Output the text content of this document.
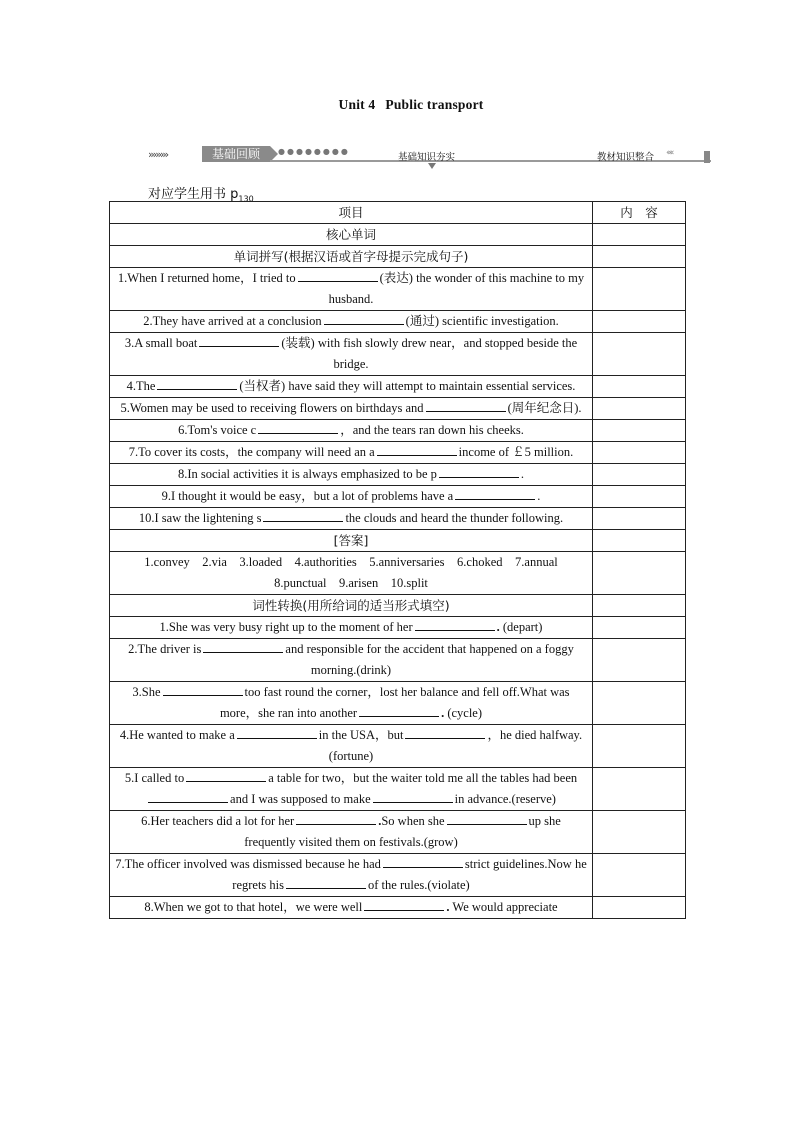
Unit 4 Public transport
››››››››	基础回顾	●●●●●●●●
基础知识夯实	教材知识整合 ‹‹‹‹
对应学生用书 $p_{130}$
项目	内　容
核心单词	
单词拼写(根据汉语或首字母提示完成句子)	
1.When I returned home，I tried to (表达) the wonder of this machine to my husband.	
2.They have arrived at a conclusion (通过) scientific investigation.	
3.A small boat (装载) with fish slowly drew near，and stopped beside the bridge.	
4.The (当权者) have said they will attempt to maintain essential services.	
5.Women may be used to receiving flowers on birthdays and (周年纪念日).	
6.Tom's voice c ，and the tears ran down his cheeks.	
7.To cover its costs，the company will need an a income of ￡5 million.	
8.In social activities it is always emphasized to be p .	
9.I thought it would be easy，but a lot of problems have a .	
10.I saw the lightening s the clouds and heard the thunder following.	
[答案]	
1.convey　2.via　3.loaded　4.authorities　5.anniversaries　6.choked　7.annual　8.punctual　9.arisen　10.split	
词性转换(用所给词的适当形式填空)	
1.She was very busy right up to the moment of her . (depart)	
2.The driver is and responsible for the accident that happened on a foggy morning.(drink)	
3.She too fast round the corner，lost her balance and fell off.What was more，she ran into another . (cycle)	
4.He wanted to make a in the USA，but ，he died halfway.(fortune)	
5.I called to a table for two，but the waiter told me all the tables had beenand I was supposed to make in advance.(reserve)	
6.Her teachers did a lot for her .So when she up she frequently visited them on festivals.(grow)	
7.The officer involved was dismissed because he had strict guidelines.Now he regrets his of the rules.(violate)	
8.When we got to that hotel，we were well . We would appreciate	
